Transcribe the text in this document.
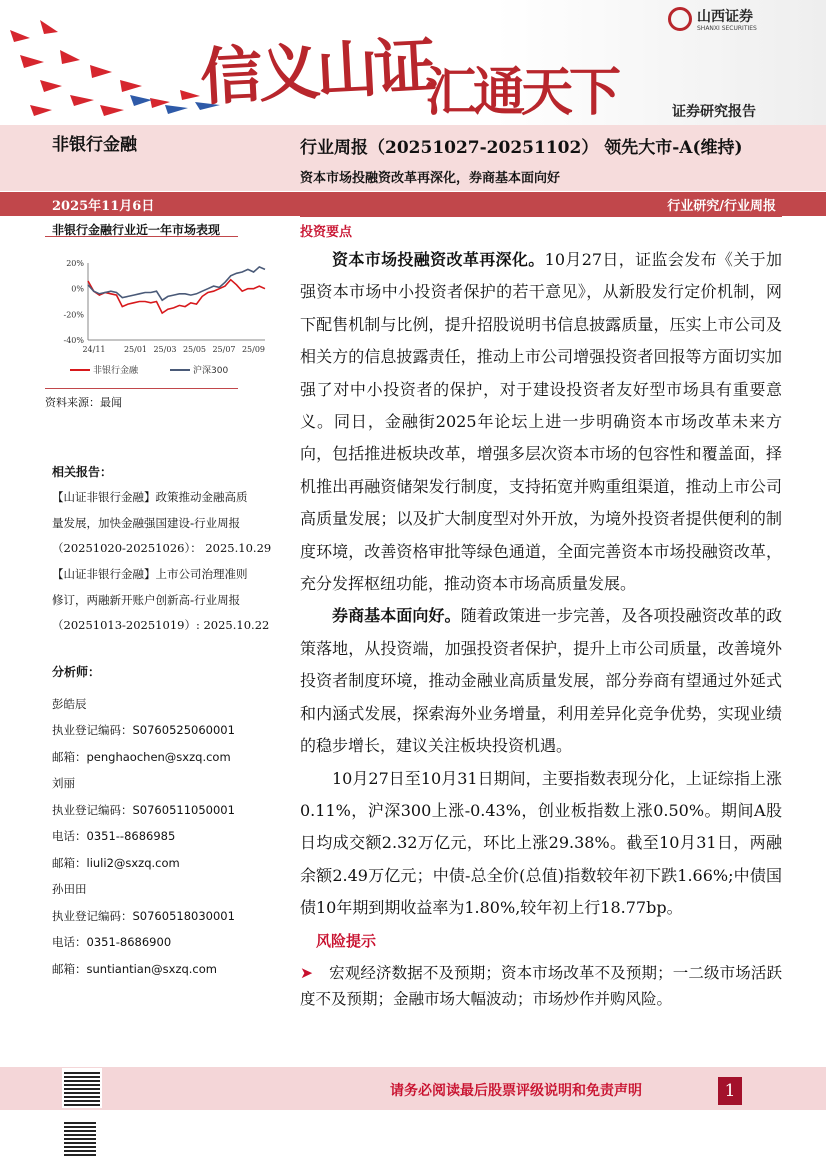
信义山证
汇通天下
山西证券
SHANXI SECURITIES
证券研究报告
非银行金融	行业周报（20251027-20251102） 领先大市-A(维持)
资本市场投融资改革再深化，券商基本面向好
2025年11月6日	行业研究/行业周报
非银行金融行业近一年市场表现
20%
0%
-20%
-40%
24/11 25/01 25/03 25/05 25/07 25/09
非银行金融	沪深300
资料来源：最闻
相关报告：
【山证非银行金融】政策推动金融高质
量发展，加快金融强国建设-行业周报
（20251020-20251026）： 2025.10.29
【山证非银行金融】上市公司治理准则
修订，两融新开账户创新高-行业周报
（20251013-20251019）: 2025.10.22
分析师：
彭皓辰
执业登记编码：S0760525060001
邮箱：penghaochen@sxzq.com
刘丽
执业登记编码：S0760511050001
电话：0351--8686985
邮箱：liuli2@sxzq.com
孙田田
执业登记编码：S0760518030001
电话：0351-8686900
邮箱：suntiantian@sxzq.com
投资要点

资本市场投融资改革再深化。10月27日，证监会发布《关于加强资本市场中小投资者保护的若干意见》，从新股发行定价机制，网下配售机制与比例，提升招股说明书信息披露质量，压实上市公司及相关方的信息披露责任，推动上市公司增强投资者回报等方面切实加强了对中小投资者的保护，对于建设投资者友好型市场具有重要意义。同日，金融街2025年论坛上进一步明确资本市场改革未来方向，包括推进板块改革，增强多层次资本市场的包容性和覆盖面，择机推出再融资储架发行制度，支持拓宽并购重组渠道，推动上市公司高质量发展；以及扩大制度型对外开放，为境外投资者提供便利的制度环境，改善资格审批等绿色通道，全面完善资本市场投融资改革，充分发挥枢纽功能，推动资本市场高质量发展。

券商基本面向好。随着政策进一步完善，及各项投融资改革的政策落地，从投资端，加强投资者保护，提升上市公司质量，改善境外投资者制度环境，推动金融业高质量发展，部分券商有望通过外延式和内涵式发展，探索海外业务增量，利用差异化竞争优势，实现业绩的稳步增长，建议关注板块投资机遇。

10月27日至10月31日期间，主要指数表现分化，上证综指上涨0.11%，沪深300上涨-0.43%，创业板指数上涨0.50%。期间A股日均成交额2.32万亿元，环比上涨29.38%。截至10月31日，两融余额2.49万亿元；中债-总全价(总值)指数较年初下跌1.66%;中债国债10年期到期收益率为1.80%,较年初上行18.77bp。

风险提示
➤ 宏观经济数据不及预期；资本市场改革不及预期；一二级市场活跃度不及预期；金融市场大幅波动；市场炒作并购风险。
请务必阅读最后股票评级说明和免责声明	1
